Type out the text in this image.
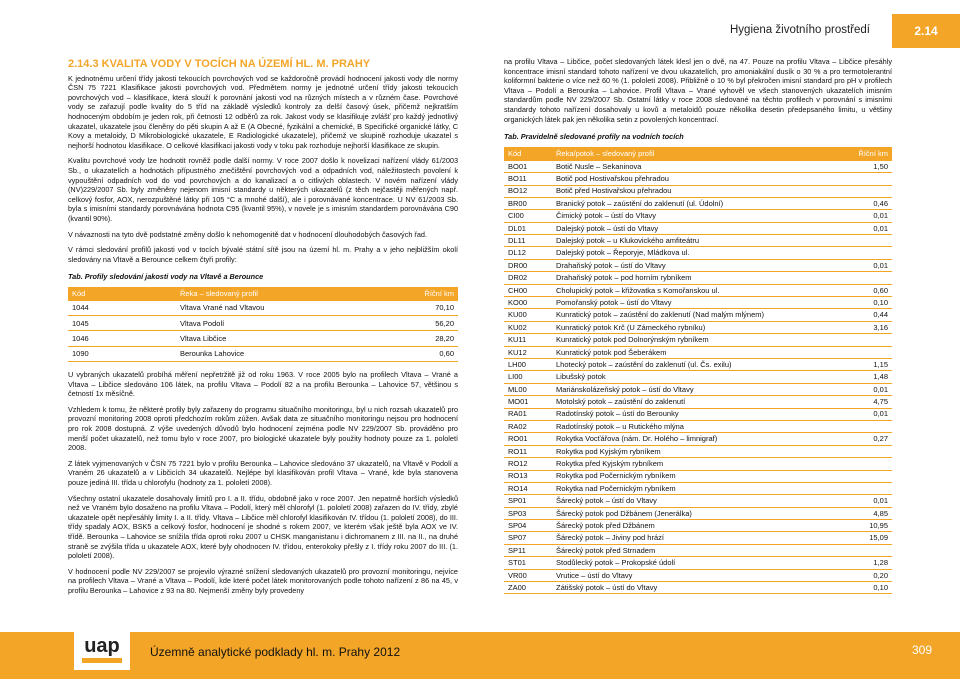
Hygiena životního prostředí	2.14
2.14.3 KVALITA VODY V TOCÍCH NA ÚZEMÍ HL. M. PRAHY

K jednotnému určení třídy jakosti tekoucích povrchových vod se každoročně provádí hodnocení jakosti vody dle normy ČSN 75 7221 Klasifikace jakosti povrchových vod. Předmětem normy je jednotné určení třídy jakosti tekoucích povrchových vod – klasifikace, která slouží k porovnání jakosti vod na různých místech a v různém čase. Povrchové vody se zařazují podle kvality do 5 tříd na základě výsledků kontroly za delší časový úsek, přičemž nejkratším hodnoceným obdobím je jeden rok, při četnosti 12 odběrů za rok. Jakost vody se klasifikuje zvlášť pro každý jednotlivý ukazatel, ukazatele jsou členěny do pěti skupin A až E (A Obecné, fyzikální a chemické, B Specifické organické látky, C Kovy a metaloidy, D Mikrobiologické ukazatele, E Radiologické ukazatele), přičemž ve skupině rozhoduje ukazatel s nejhorší hodnotou klasifikace. O celkové klasifikaci jakosti vody v toku pak rozhoduje nejhorší klasifikace ze skupin.

Kvalitu povrchové vody lze hodnotit rovněž podle další normy. V roce 2007 došlo k novelizaci nařízení vlády 61/2003 Sb., o ukazatelích a hodnotách přípustného znečištění povrchových vod a odpadních vod, náležitostech povolení k vypouštění odpadních vod do vod povrchových a do kanalizací a o citlivých oblastech. V novém nařízení vlády (NV)229/2007 Sb. byly změněny nejenom imisní standardy u některých ukazatelů (z těch nejčastěji měřených např. celkový fosfor, AOX, nerozpuštěné látky při 105 °C a mnohé další), ale i porovnávané koncentrace. U NV 61/2003 Sb. byla s imisními standardy porovnávána hodnota C95 (kvantil 95%), v novele je s imisním standardem porovnávána C90 (kvantil 90%).

V návaznosti na tyto dvě podstatné změny došlo k nehomogenitě dat v hodnocení dlouhodobých časových řad.

V rámci sledování profilů jakosti vod v tocích bývalé státní sítě jsou na území hl. m. Prahy a v jeho nejbližším okolí sledovány na Vltavě a Berounce celkem čtyři profily:

Tab. Profily sledování jakosti vody na Vltavě a Berounce
Kód	Řeka – sledovaný profil	Říční km
1044	Vltava Vrané nad Vltavou	70,10
1045	Vltava Podolí	56,20
1046	Vltava Libčice	28,20
1090	Berounka Lahovice	0,60

U vybraných ukazatelů probíhá měření nepřetržitě již od roku 1963. V roce 2005 bylo na profilech Vltava – Vrané a Vltava – Libčice sledováno 106 látek, na profilu Vltava – Podolí 82 a na profilu Berounka – Lahovice 57, většinou s četností 1x měsíčně.

Vzhledem k tomu, že některé profily byly zařazeny do programu situačního monitoringu, byl u nich rozsah ukazatelů pro provozní monitoring 2008 oproti předchozím rokům zúžen. Avšak data ze situačního monitoringu nejsou pro hodnocení pro rok 2008 dostupná. Z výše uvedených důvodů bylo hodnocení zejména podle NV 229/2007 Sb. prováděno pro menší počet ukazatelů, než tomu bylo v roce 2007, pro biologické ukazatele byly použity hodnoty pouze za 1. pololetí 2008.

Z látek vyjmenovaných v ČSN 75 7221 bylo v profilu Berounka – Lahovice sledováno 37 ukazatelů, na Vltavě v Podolí a Vraném 26 ukazatelů a v Libčicích 34 ukazatelů. Nejlépe byl klasifikován profil Vltava – Vrané, kde byla stanovena pouze jediná III. třída u chlorofylu (hodnoty za 1. pololetí 2008).

Všechny ostatní ukazatele dosahovaly limitů pro I. a II. třídu, obdobně jako v roce 2007. Jen nepatrně horších výsledků než ve Vraném bylo dosaženo na profilu Vltava – Podolí, který měl chlorofyl (1. pololetí 2008) zařazen do IV. třídy, zbylé ukazatele opět nepřesáhly limity I. a II. třídy. Vltava – Libčice měl chlorofyl klasifikován IV. třídou (1. pololetí 2008), do III. třídy spadaly AOX, BSK5 a celkový fosfor, hodnocení je shodné s rokem 2007, ve kterém však ještě byla AOX ve IV. třídě. Berounka – Lahovice se snížila třída oproti roku 2007 u CHSK manganistanu i dichromanem z III. na II., na druhé straně se zvýšila třída u ukazatele AOX, které byly ohodnocen IV. třídou, enterokoky přešly z I. třídy roku 2007 do III. (1. pololetí 2008).

V hodnocení podle NV 229/2007 se projevilo výrazné snížení sledovaných ukazatelů pro provozní monitoringu, nejvíce na profilech Vltava – Vrané a Vltava – Podolí, kde které počet látek monitorovaných podle tohoto nařízení z 86 na 45, v profilu Berounka – Lahovice z 93 na 80. Nejmenší změny byly provedeny

na profilu Vltava – Libčice, počet sledovaných látek klesl jen o dvě, na 47. Pouze na profilu Vltava – Libčice přesáhly koncentrace imisní standard tohoto nařízení ve dvou ukazatelích, pro amoniakální dusík o 30 % a pro termotolerantní koliformní bakterie o více než 60 % (1. pololetí 2008). Přibližně o 10 % byl překročen imisní standard pro pH v profilech Vltava – Podolí a Berounka – Lahovice. Profil Vltava – Vrané vyhověl ve všech stanovených ukazatelích imisním standardům podle NV 229/2007 Sb. Ostatní látky v roce 2008 sledované na těchto profilech v porovnání s imisními standardy tohoto nařízení dosahovaly u kovů a metaloidů pouze několika desetin předepsaného limitu, u většiny organických látek pak jen několika setin z povolených koncentrací.

Tab. Pravidelně sledované profily na vodních tocích
Kód	Řeka/potok – sledovaný profil	Říční km
BO01	Botič Nusle – Sekaninova	1,50
BO11	Botič pod Hostivařskou přehradou	
BO12	Botič před Hostivařskou přehradou	
BR00	Branický potok – zaústění do zaklenutí (ul. Údolní)	0,46
CI00	Čimický potok – ústí do Vltavy	0,01
DL01	Dalejský potok – ústí do Vltavy	0,01
DL11	Dalejský potok – u Klukovického amfiteátru	
DL12	Dalejský potok – Řeporyje, Mládkova ul.	
DR00	Drahaňský potok – ústí do Vltavy	0,01
DR02	Drahaňský potok – pod horním rybníkem	
CH00	Cholupický potok – křižovatka s Komořanskou ul.	0,60
KO00	Pomořanský potok – ústí do Vltavy	0,10
KU00	Kunratický potok – zaústění do zaklenutí (Nad malým mlýnem)	0,44
KU02	Kunratický potok Krč (U Zámeckého rybníku)	3,16
KU11	Kunratický potok pod Dolnorýnským rybníkem	
KU12	Kunratický potok pod Šeberákem	
LH00	Lhotecký potok – zaústění do zaklenutí (ul. Čs. exilu)	1,15
LI00	Libušský potok	1,48
ML00	Mariánskolázeňský potok – ústí do Vltavy	0,01
MO01	Motolský potok – zaústění do zaklenutí	4,75
RA01	Radotínský potok – ústí do Berounky	0,01
RA02	Radotínský potok – u Rutického mlýna	
RO01	Rokytka Vocťářova (nám. Dr. Holého – limnigraf)	0,27
RO11	Rokytka pod Kyjským rybníkem	
RO12	Rokytka před Kyjským rybníkem	
RO13	Rokytka pod Počernickým rybníkem	
RO14	Rokytka nad Počernickým rybníkem	
SP01	Šárecký potok – ústí do Vltavy	0,01
SP03	Šárecký potok pod Džbánem (Jenerálka)	4,85
SP04	Šárecký potok před Džbánem	10,95
SP07	Šárecký potok – Jiviny pod hrází	15,09
SP11	Šárecký potok před Strnadem	
ST01	Stodůlecký potok – Prokopské údolí	1,28
VR00	Vrutice – ústí do Vltavy	0,20
ZA00	Zátišský potok – ústí do Vltavy	0,10
uap	Územně analytické podklady hl. m. Prahy 2012	309
